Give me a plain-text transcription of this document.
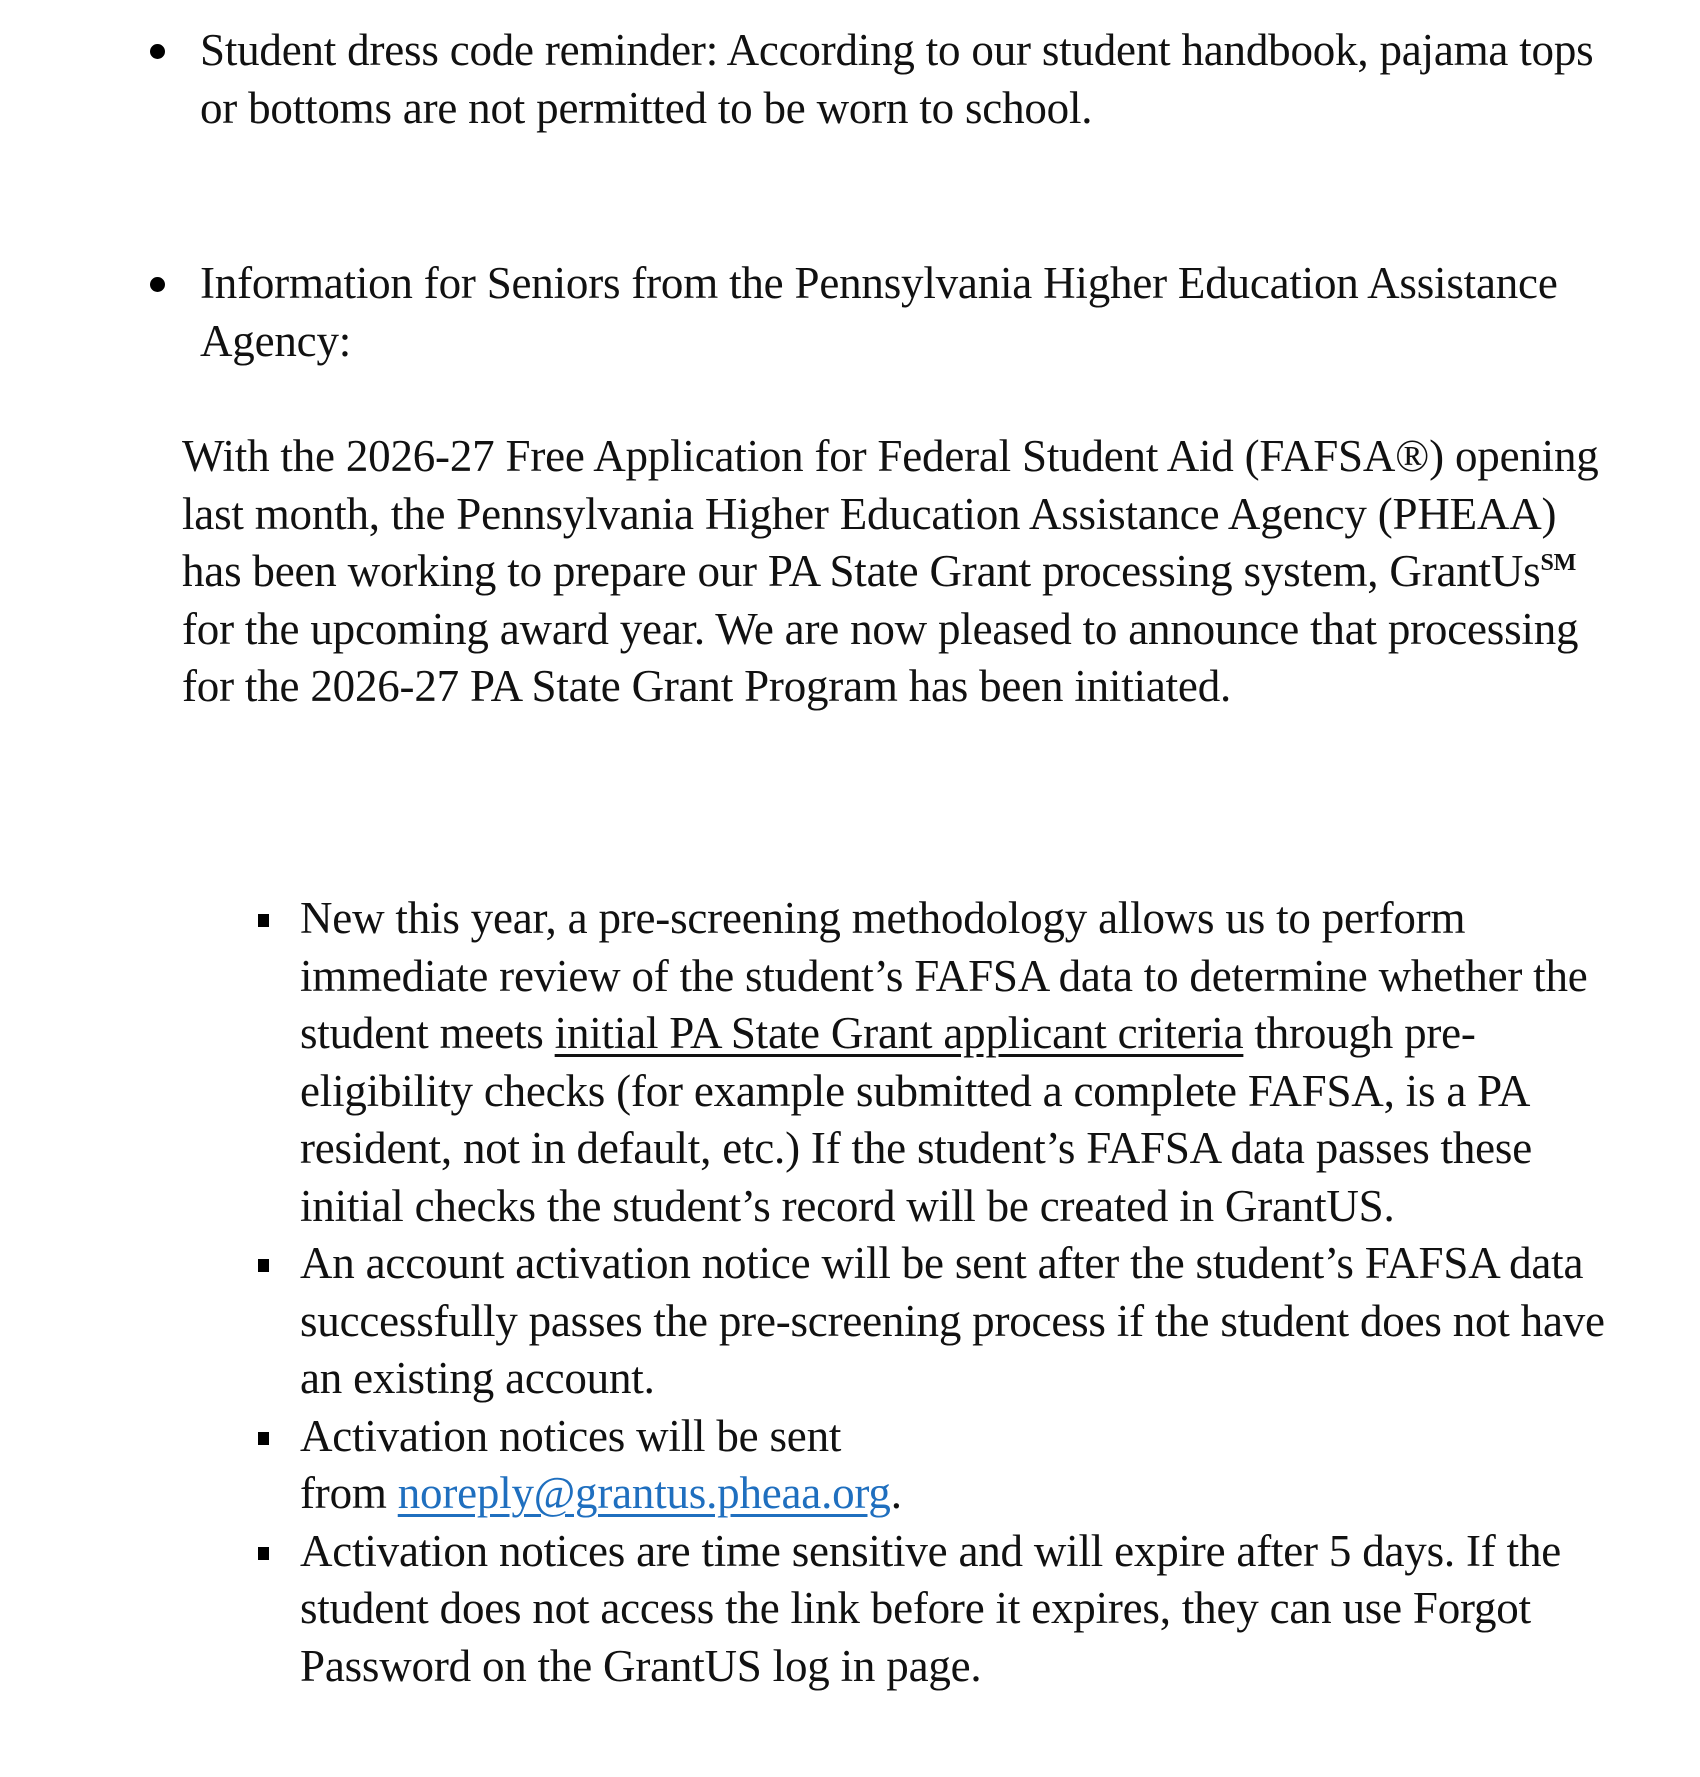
Student dress code reminder: According to our student handbook, pajama tops or bottoms are not permitted to be worn to school.
Information for Seniors from the Pennsylvania Higher Education Assistance Agency:

With the 2026-27 Free Application for Federal Student Aid (FAFSA®) opening last month, the Pennsylvania Higher Education Assistance Agency (PHEAA) has been working to prepare our PA State Grant processing system, GrantUs℠ for the upcoming award year. We are now pleased to announce that processing for the 2026-27 PA State Grant Program has been initiated.

New this year, a pre-screening methodology allows us to perform immediate review of the student’s FAFSA data to determine whether the student meets initial PA State Grant applicant criteria through pre-eligibility checks (for example submitted a complete FAFSA, is a PA resident, not in default, etc.) If the student’s FAFSA data passes these initial checks the student’s record will be created in GrantUS.
An account activation notice will be sent after the student’s FAFSA data successfully passes the pre-screening process if the student does not have an existing account.
Activation notices will be sent
from noreply@grantus.pheaa.org.
Activation notices are time sensitive and will expire after 5 days. If the student does not access the link before it expires, they can use Forgot Password on the GrantUS log in page.
